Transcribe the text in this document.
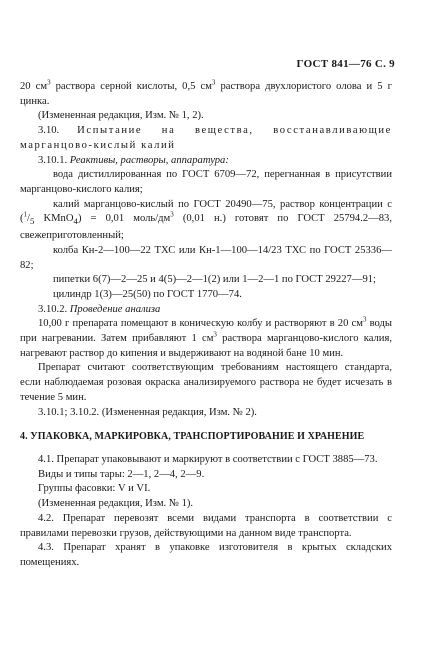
ГОСТ 841—76 С. 9

20 $см^3$ раствора серной кислоты, 0,5 $см^3$ раствора двухлористого олова и 5 г цинка.

(Измененная редакция, Изм. № 1, 2).

3.10. Испытание на вещества, восстанавливающие марганцово-кислый калий

3.10.1. Реактивы, растворы, аппаратура:

вода дистиллированная по ГОСТ 6709—72, перегнанная в присутствии марганцово-кислого калия;

калий марганцово-кислый по ГОСТ 20490—75, раствор концентрации с ($^1/_5$ KMnO$_4$) = 0,01 моль/$дм^3$ (0,01 н.) готовят по ГОСТ 25794.2—83, свежеприготовленный;

колба Кн-2—100—22 ТХС или Кн-1—100—14/23 ТХС по ГОСТ 25336—82;

пипетки 6(7)—2—25 и 4(5)—2—1(2) или 1—2—1 по ГОСТ 29227—91;

цилиндр 1(3)—25(50) по ГОСТ 1770—74.

3.10.2. Проведение анализа

10,00 г препарата помещают в коническую колбу и растворяют в 20 $см^3$ воды при нагревании. Затем прибавляют 1 $см^3$ раствора марганцово-кислого калия, нагревают раствор до кипения и выдерживают на водяной бане 10 мин.

Препарат считают соответствующим требованиям настоящего стандарта, если наблюдаемая розовая окраска анализируемого раствора не будет исчезать в течение 5 мин.

3.10.1; 3.10.2. (Измененная редакция, Изм. № 2).

4. УПАКОВКА, МАРКИРОВКА, ТРАНСПОРТИРОВАНИЕ И ХРАНЕНИЕ

4.1. Препарат упаковывают и маркируют в соответствии с ГОСТ 3885—73.

Виды и типы тары: 2—1, 2—4, 2—9.

Группы фасовки: V и VI.

(Измененная редакция, Изм. № 1).

4.2. Препарат перевозят всеми видами транспорта в соответствии с правилами перевозки грузов, действующими на данном виде транспорта.

4.3. Препарат хранят в упаковке изготовителя в крытых складских помещениях.
